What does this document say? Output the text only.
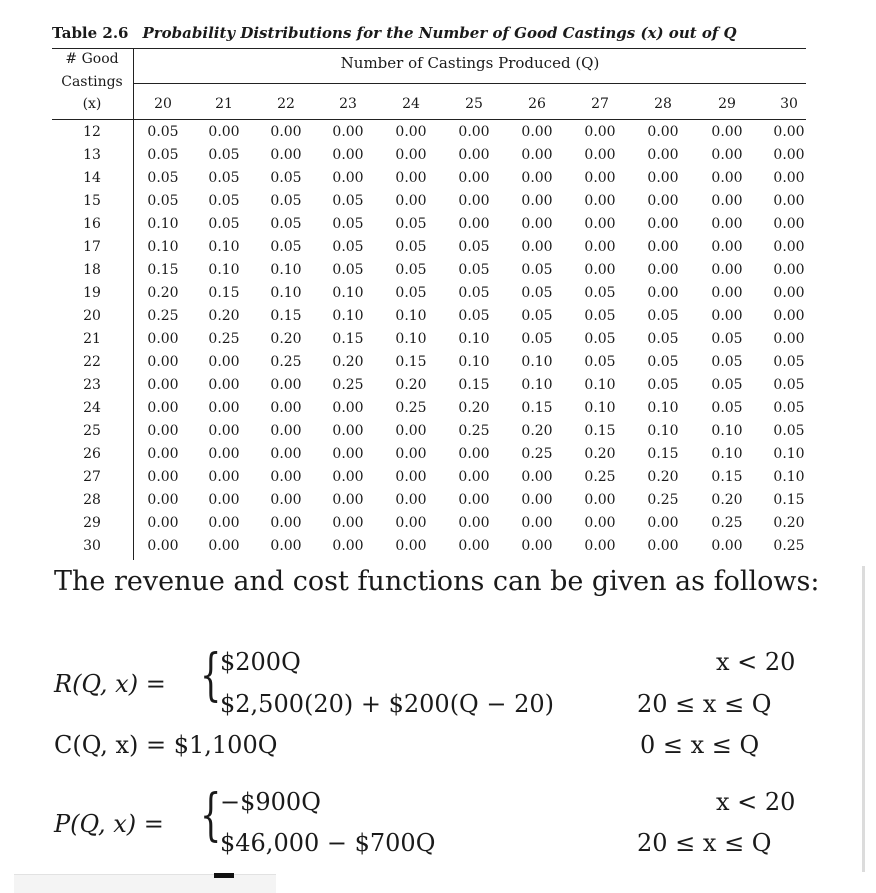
Table 2.6 Probability Distributions for the Number of Good Castings (x) out of Q
# Good
Castings
(x)
Number of Castings Produced (Q)
20	21	22	23	24	25	26	27	28	29	30
12	0.05	0.00	0.00	0.00	0.00	0.00	0.00	0.00	0.00	0.00	0.00
13	0.05	0.05	0.00	0.00	0.00	0.00	0.00	0.00	0.00	0.00	0.00
14	0.05	0.05	0.05	0.00	0.00	0.00	0.00	0.00	0.00	0.00	0.00
15	0.05	0.05	0.05	0.05	0.00	0.00	0.00	0.00	0.00	0.00	0.00
16	0.10	0.05	0.05	0.05	0.05	0.00	0.00	0.00	0.00	0.00	0.00
17	0.10	0.10	0.05	0.05	0.05	0.05	0.00	0.00	0.00	0.00	0.00
18	0.15	0.10	0.10	0.05	0.05	0.05	0.05	0.00	0.00	0.00	0.00
19	0.20	0.15	0.10	0.10	0.05	0.05	0.05	0.05	0.00	0.00	0.00
20	0.25	0.20	0.15	0.10	0.10	0.05	0.05	0.05	0.05	0.00	0.00
21	0.00	0.25	0.20	0.15	0.10	0.10	0.05	0.05	0.05	0.05	0.00
22	0.00	0.00	0.25	0.20	0.15	0.10	0.10	0.05	0.05	0.05	0.05
23	0.00	0.00	0.00	0.25	0.20	0.15	0.10	0.10	0.05	0.05	0.05
24	0.00	0.00	0.00	0.00	0.25	0.20	0.15	0.10	0.10	0.05	0.05
25	0.00	0.00	0.00	0.00	0.00	0.25	0.20	0.15	0.10	0.10	0.05
26	0.00	0.00	0.00	0.00	0.00	0.00	0.25	0.20	0.15	0.10	0.10
27	0.00	0.00	0.00	0.00	0.00	0.00	0.00	0.25	0.20	0.15	0.10
28	0.00	0.00	0.00	0.00	0.00	0.00	0.00	0.00	0.25	0.20	0.15
29	0.00	0.00	0.00	0.00	0.00	0.00	0.00	0.00	0.00	0.25	0.20
30	0.00	0.00	0.00	0.00	0.00	0.00	0.00	0.00	0.00	0.00	0.25
The revenue and cost functions can be given as follows:
R(Q, x) = {
$200Q	x < 20
$2,500(20) + $200(Q − 20)	20 ≤ x ≤ Q
C(Q, x) = $1,100Q	0 ≤ x ≤ Q
P(Q, x) = {
−$900Q	x < 20
$46,000 − $700Q	20 ≤ x ≤ Q
